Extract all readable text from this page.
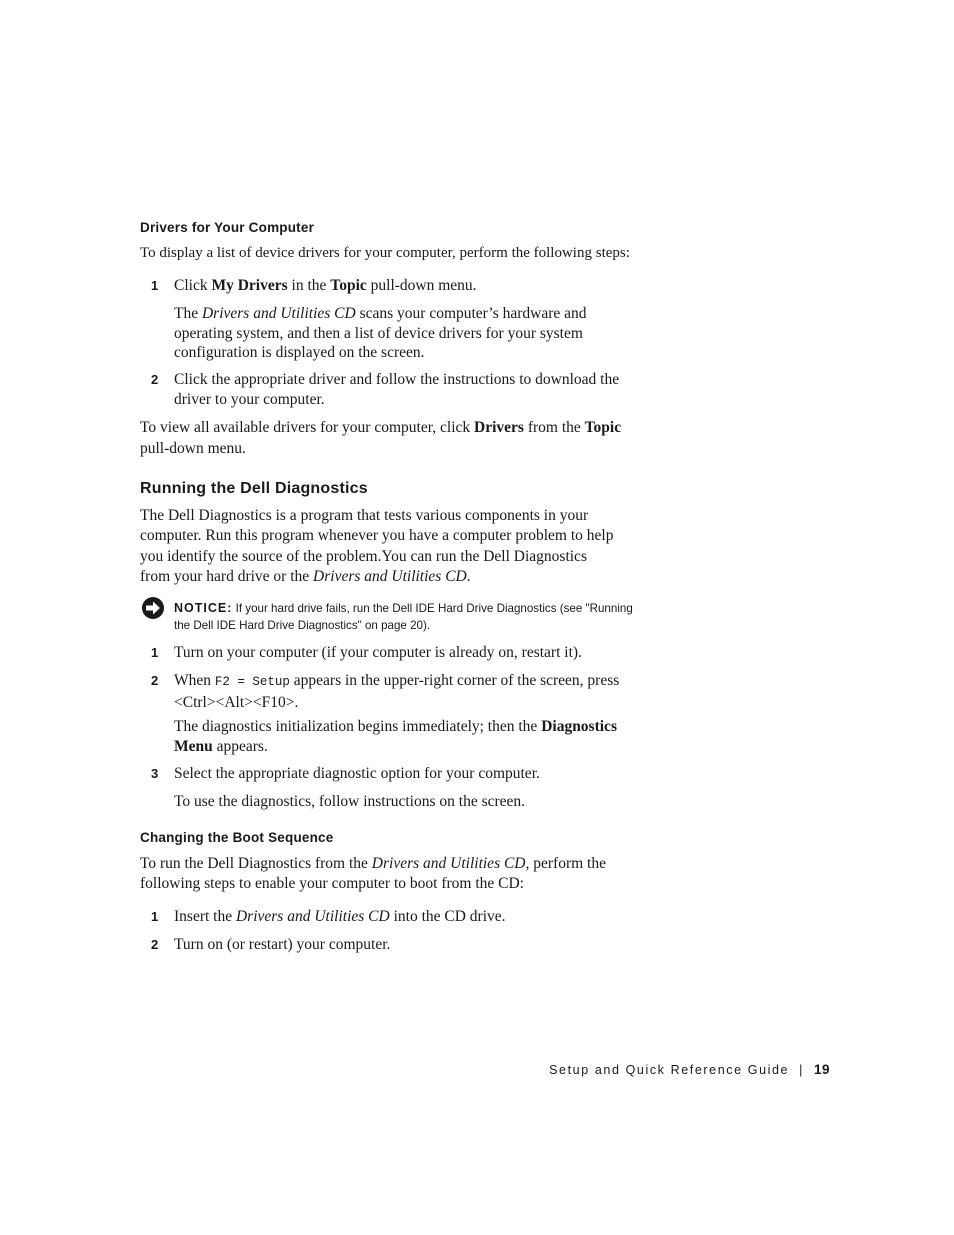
Drivers for Your Computer

To display a list of device drivers for your computer, perform the following steps:

1 Click My Drivers in the Topic pull-down menu.

The Drivers and Utilities CD scans your computer’s hardware and operating system, and then a list of device drivers for your system configuration is displayed on the screen.

2 Click the appropriate driver and follow the instructions to download the driver to your computer.

To view all available drivers for your computer, click Drivers from the Topic pull-down menu.

Running the Dell Diagnostics

The Dell Diagnostics is a program that tests various components in your computer. Run this program whenever you have a computer problem to help you identify the source of the problem.You can run the Dell Diagnostics from your hard drive or the Drivers and Utilities CD.

NOTICE: If your hard drive fails, run the Dell IDE Hard Drive Diagnostics (see "Running the Dell IDE Hard Drive Diagnostics" on page 20).

1 Turn on your computer (if your computer is already on, restart it).

2 When F2 = Setup appears in the upper-right corner of the screen, press <Ctrl><Alt><F10>.

The diagnostics initialization begins immediately; then the Diagnostics Menu appears.

3 Select the appropriate diagnostic option for your computer.

To use the diagnostics, follow instructions on the screen.

Changing the Boot Sequence

To run the Dell Diagnostics from the Drivers and Utilities CD, perform the following steps to enable your computer to boot from the CD:

1 Insert the Drivers and Utilities CD into the CD drive.

2 Turn on (or restart) your computer.

Setup and Quick Reference Guide | 19
